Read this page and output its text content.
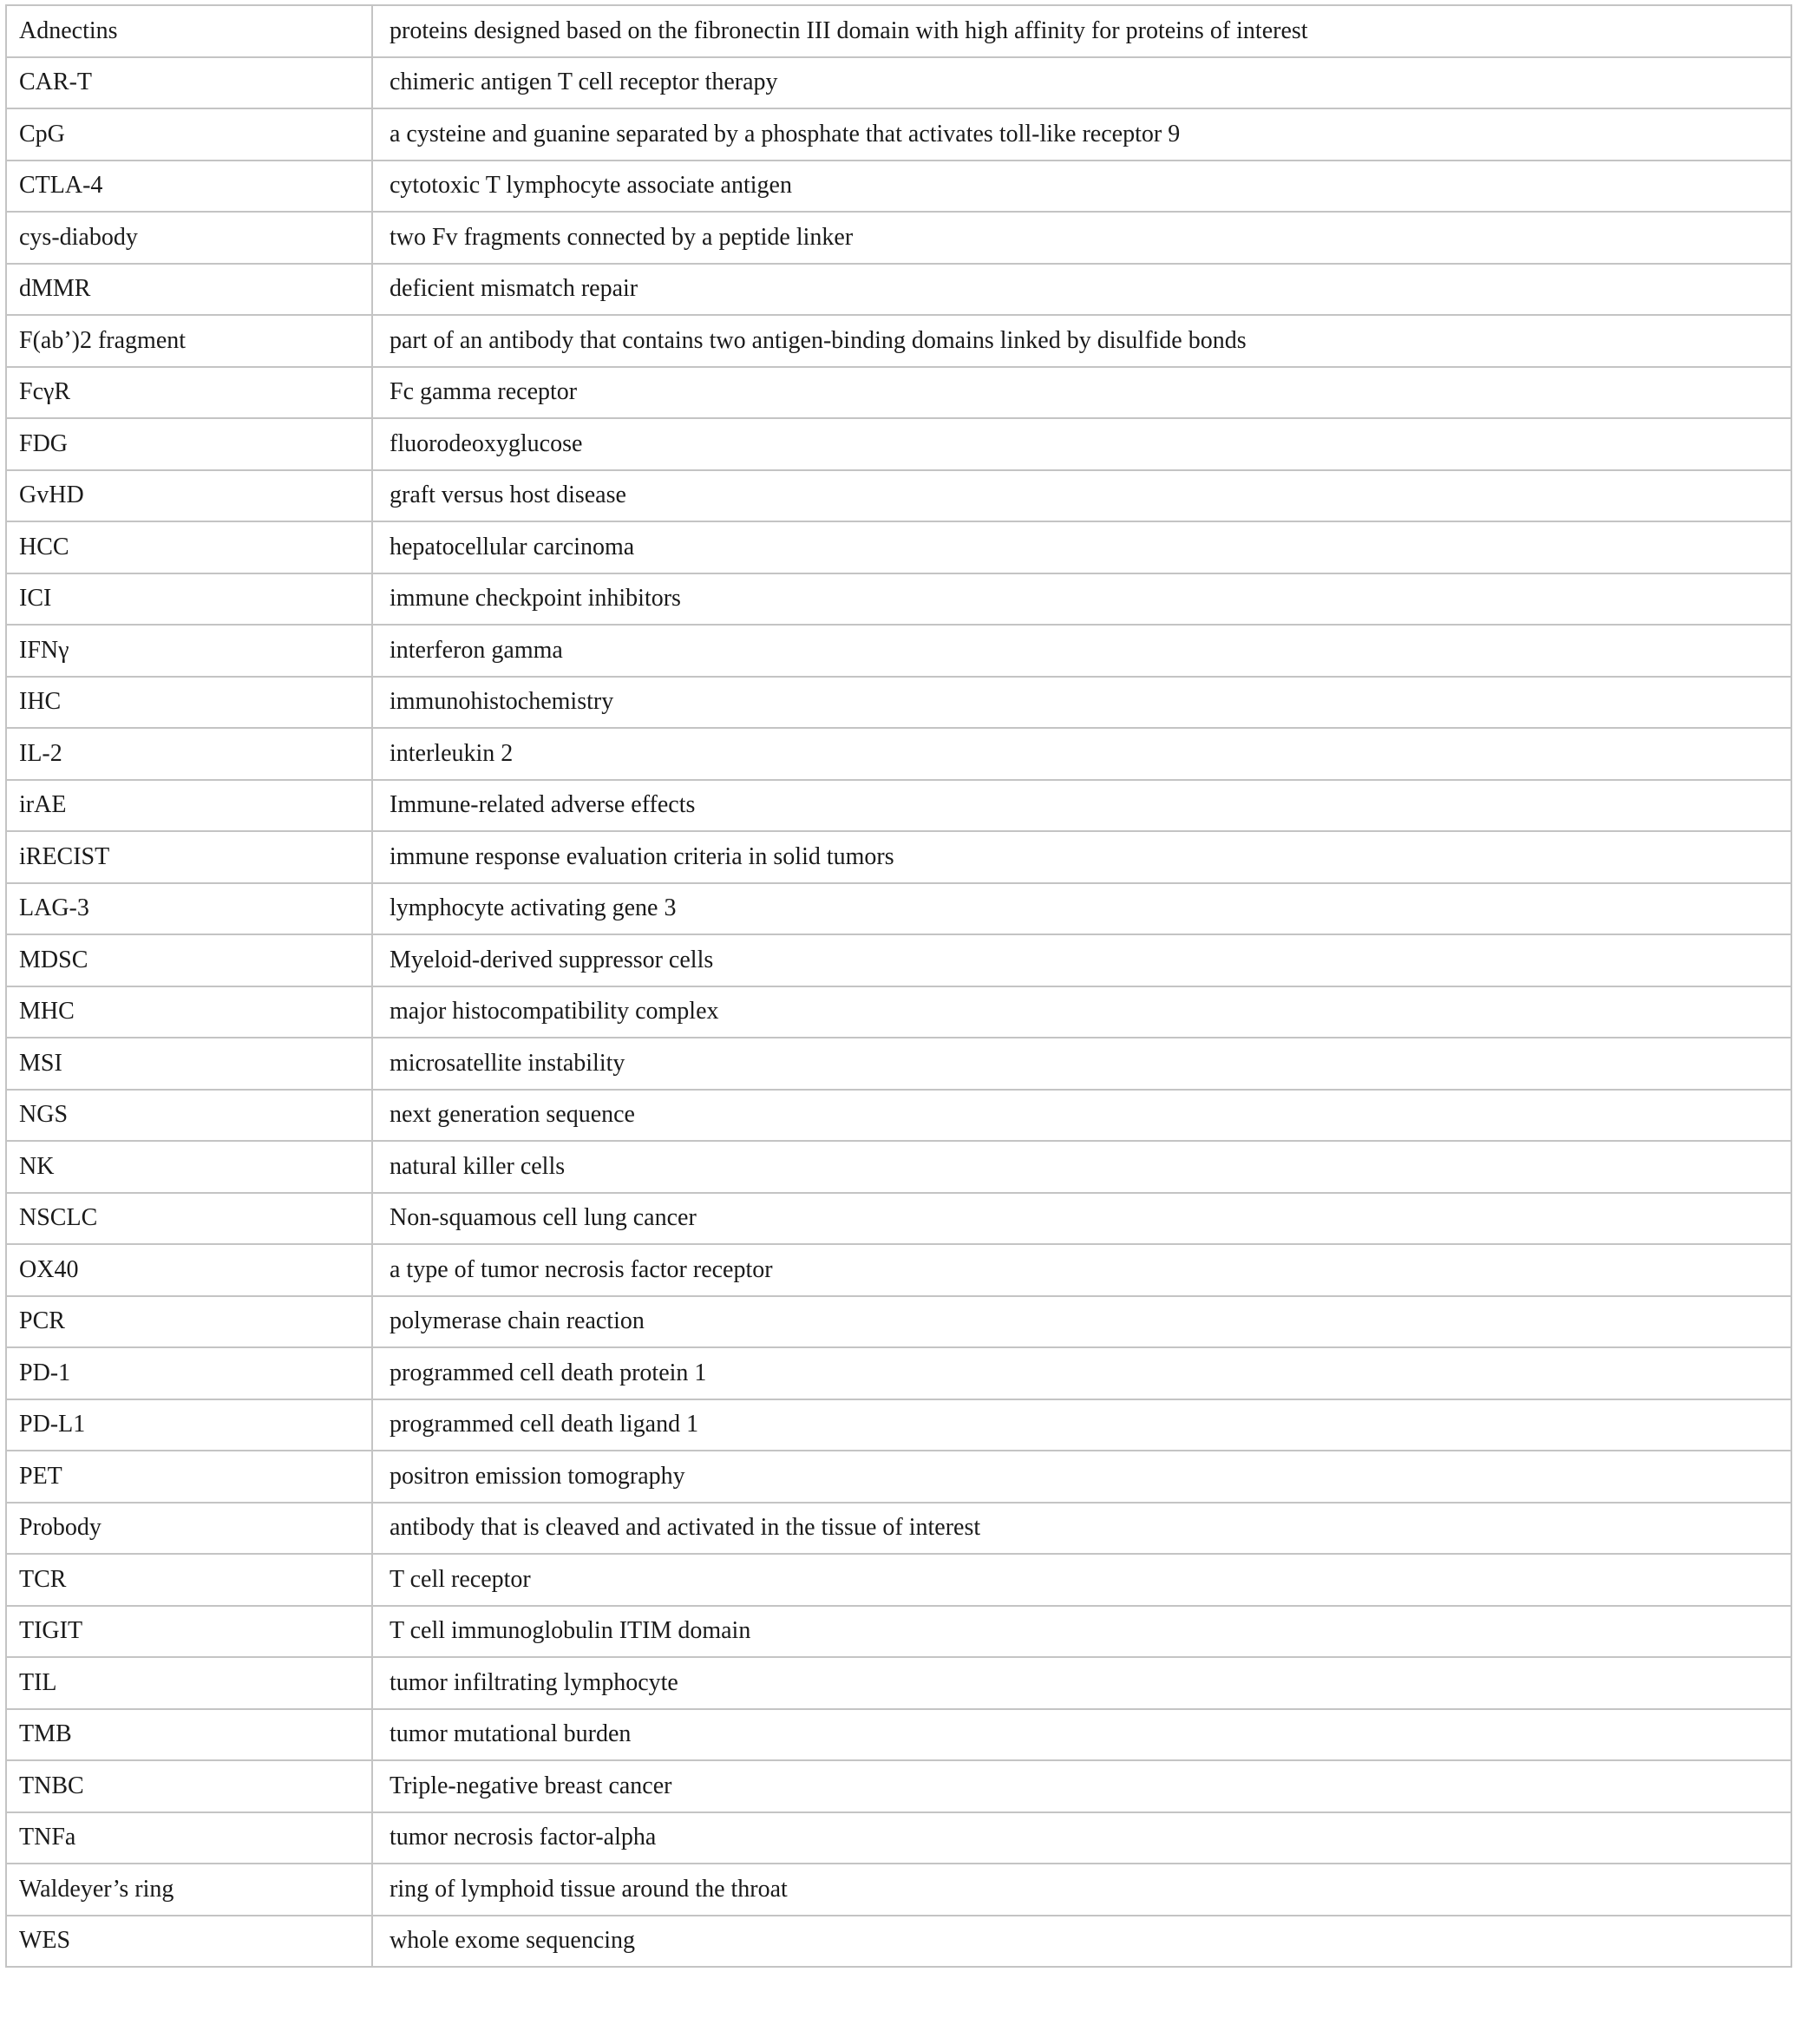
Adnectins	proteins designed based on the fibronectin III domain with high affinity for proteins of interest
CAR-T	chimeric antigen T cell receptor therapy
CpG	a cysteine and guanine separated by a phosphate that activates toll-like receptor 9
CTLA-4	cytotoxic T lymphocyte associate antigen
cys-diabody	two Fv fragments connected by a peptide linker
dMMR	deficient mismatch repair
F(ab’)2 fragment	part of an antibody that contains two antigen-binding domains linked by disulfide bonds
FcγR	Fc gamma receptor
FDG	fluorodeoxyglucose
GvHD	graft versus host disease
HCC	hepatocellular carcinoma
ICI	immune checkpoint inhibitors
IFNγ	interferon gamma
IHC	immunohistochemistry
IL-2	interleukin 2
irAE	Immune-related adverse effects
iRECIST	immune response evaluation criteria in solid tumors
LAG-3	lymphocyte activating gene 3
MDSC	Myeloid-derived suppressor cells
MHC	major histocompatibility complex
MSI	microsatellite instability
NGS	next generation sequence
NK	natural killer cells
NSCLC	Non-squamous cell lung cancer
OX40	a type of tumor necrosis factor receptor
PCR	polymerase chain reaction
PD-1	programmed cell death protein 1
PD-L1	programmed cell death ligand 1
PET	positron emission tomography
Probody	antibody that is cleaved and activated in the tissue of interest
TCR	T cell receptor
TIGIT	T cell immunoglobulin ITIM domain
TIL	tumor infiltrating lymphocyte
TMB	tumor mutational burden
TNBC	Triple-negative breast cancer
TNFa	tumor necrosis factor-alpha
Waldeyer’s ring	ring of lymphoid tissue around the throat
WES	whole exome sequencing
